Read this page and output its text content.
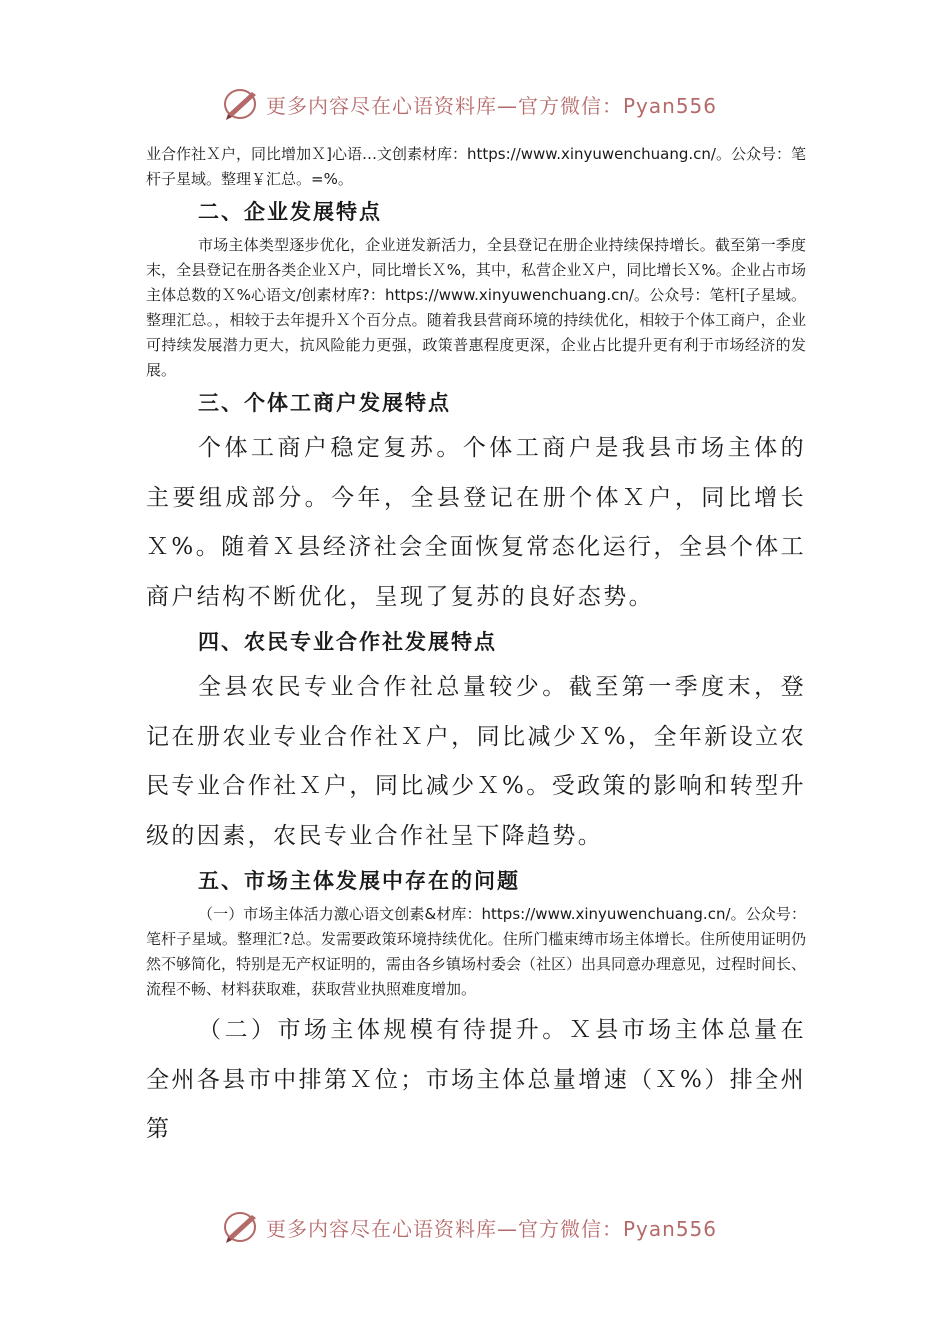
更多内容尽在心语资料库—官方微信：Pyan556

业合作社Ｘ户，同比增加Ｘ]心语…文创素材库：https://www.xinyuwenchuang.cn/。公众号：笔杆子星域。整理￥汇总。=%。

二、企业发展特点

市场主体类型逐步优化，企业迸发新活力，全县登记在册企业持续保持增长。截至第一季度末，全县登记在册各类企业Ｘ户，同比增长Ｘ%，其中，私营企业Ｘ户，同比增长Ｘ%。企业占市场主体总数的Ｘ%心语文/创素材库?：https://www.xinyuwenchuang.cn/。公众号：笔杆[子星域。整理汇总。，相较于去年提升Ｘ个百分点。随着我县营商环境的持续优化，相较于个体工商户，企业可持续发展潜力更大，抗风险能力更强，政策普惠程度更深，企业占比提升更有利于市场经济的发展。

三、个体工商户发展特点

个体工商户稳定复苏。个体工商户是我县市场主体的主要组成部分。今年，全县登记在册个体Ｘ户，同比增长Ｘ%。随着Ｘ县经济社会全面恢复常态化运行，全县个体工商户结构不断优化，呈现了复苏的良好态势。

四、农民专业合作社发展特点

全县农民专业合作社总量较少。截至第一季度末，登记在册农业专业合作社Ｘ户，同比减少Ｘ%，全年新设立农民专业合作社Ｘ户，同比减少Ｘ%。受政策的影响和转型升级的因素，农民专业合作社呈下降趋势。

五、市场主体发展中存在的问题

（一）市场主体活力激心语文创素&材库：https://www.xinyuwenchuang.cn/。公众号：笔杆子星域。整理汇?总。发需要政策环境持续优化。住所门槛束缚市场主体增长。住所使用证明仍然不够简化，特别是无产权证明的，需由各乡镇场村委会（社区）出具同意办理意见，过程时间长、流程不畅、材料获取难，获取营业执照难度增加。

（二）市场主体规模有待提升。Ｘ县市场主体总量在全州各县市中排第Ｘ位；市场主体总量增速（Ｘ%）排全州第

更多内容尽在心语资料库—官方微信：Pyan556
